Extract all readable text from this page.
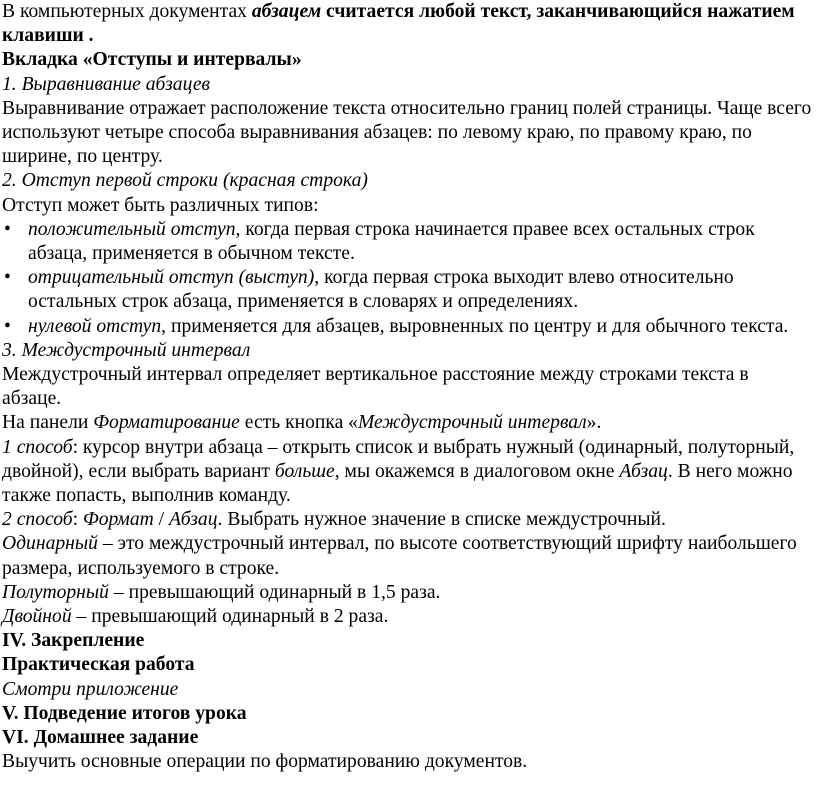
В компьютерных документах абзацем считается любой текст, заканчивающийся нажатием клавиши .

Вкладка «Отступы и интервалы»

1. Выравнивание абзацев

Выравнивание отражает расположение текста относительно границ полей страницы. Чаще всего используют четыре способа выравнивания абзацев: по левому краю, по правому краю, по ширине, по центру.

2. Отступ первой строки (красная строка)

Отступ может быть различных типов:

• положительный отступ, когда первая строка начинается правее всех остальных строк абзаца, применяется в обычном тексте.
• отрицательный отступ (выступ), когда первая строка выходит влево относительно остальных строк абзаца, применяется в словарях и определениях.
• нулевой отступ, применяется для абзацев, выровненных по центру и для обычного текста.

3. Междустрочный интервал

Междустрочный интервал определяет вертикальное расстояние между строками текста в абзаце.

На панели Форматирование есть кнопка «Междустрочный интервал».

1 способ: курсор внутри абзаца – открыть список и выбрать нужный (одинарный, полуторный, двойной), если выбрать вариант больше, мы окажемся в диалоговом окне Абзац. В него можно также попасть, выполнив команду.

2 способ: Формат / Абзац. Выбрать нужное значение в списке междустрочный.

Одинарный – это междустрочный интервал, по высоте соответствующий шрифту наибольшего размера, используемого в строке.

Полуторный – превышающий одинарный в 1,5 раза.

Двойной – превышающий одинарный в 2 раза.

IV. Закрепление

Практическая работа

Смотри приложение

V. Подведение итогов урока

VI. Домашнее задание

Выучить основные операции по форматированию документов.
